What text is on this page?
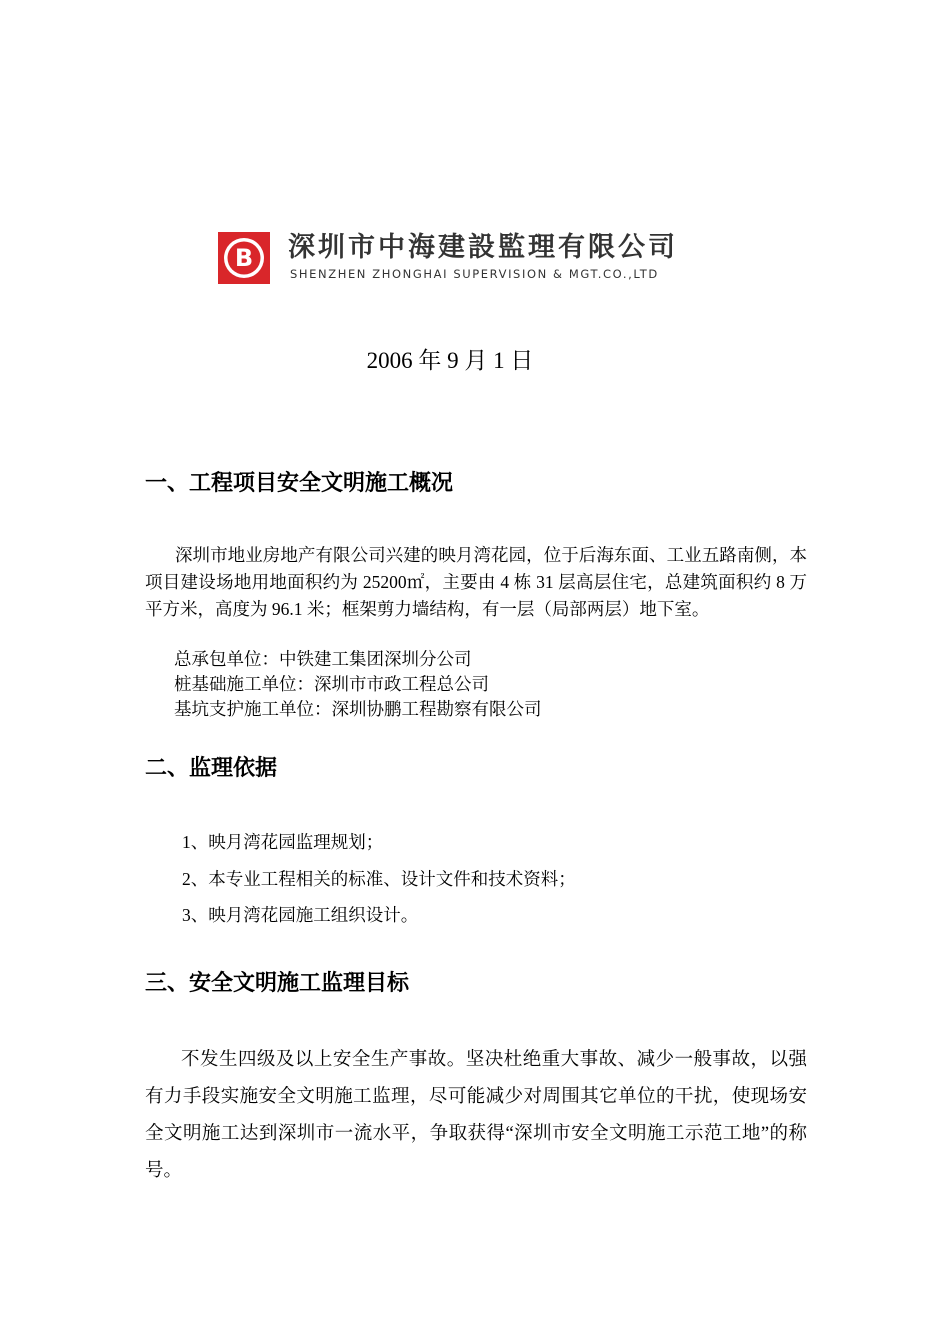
B 深圳市中海建設監理有限公司
SHENZHEN ZHONGHAI SUPERVISION & MGT.CO.,LTD
2006 年 9 月 1 日
一、工程项目安全文明施工概况
深圳市地业房地产有限公司兴建的映月湾花园，位于后海东面、工业五路南侧，本项目建设场地用地面积约为 25200㎡，主要由 4 栋 31 层高层住宅，总建筑面积约 8 万平方米，高度为 96.1 米；框架剪力墙结构，有一层（局部两层）地下室。
总承包单位：中铁建工集团深圳分公司
桩基础施工单位：深圳市市政工程总公司
基坑支护施工单位：深圳协鹏工程勘察有限公司
二、监理依据
1、映月湾花园监理规划；
2、本专业工程相关的标准、设计文件和技术资料；
3、映月湾花园施工组织设计。
三、安全文明施工监理目标
不发生四级及以上安全生产事故。坚决杜绝重大事故、减少一般事故，以强有力手段实施安全文明施工监理，尽可能减少对周围其它单位的干扰，使现场安全文明施工达到深圳市一流水平，争取获得“深圳市安全文明施工示范工地”的称号。
